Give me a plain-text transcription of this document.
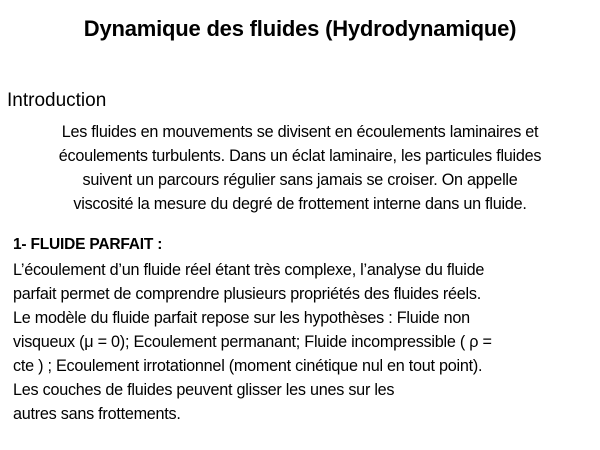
Dynamique des fluides (Hydrodynamique)
Introduction
Les fluides en mouvements se divisent en écoulements laminaires et
écoulements turbulents. Dans un éclat laminaire, les particules fluides
suivent un parcours régulier sans jamais se croiser. On appelle
viscosité la mesure du degré de frottement interne dans un fluide.
1- FLUIDE PARFAIT :
L’écoulement d’un fluide réel étant très complexe, l’analyse du fluide
parfait permet de comprendre plusieurs propriétés des fluides réels.
Le modèle du fluide parfait repose sur les hypothèses : Fluide non
visqueux (μ = 0); Ecoulement permanant; Fluide incompressible ( ρ =
cte ) ; Ecoulement irrotationnel (moment cinétique nul en tout point).
Les couches de fluides peuvent glisser les unes sur les
autres sans frottements.
